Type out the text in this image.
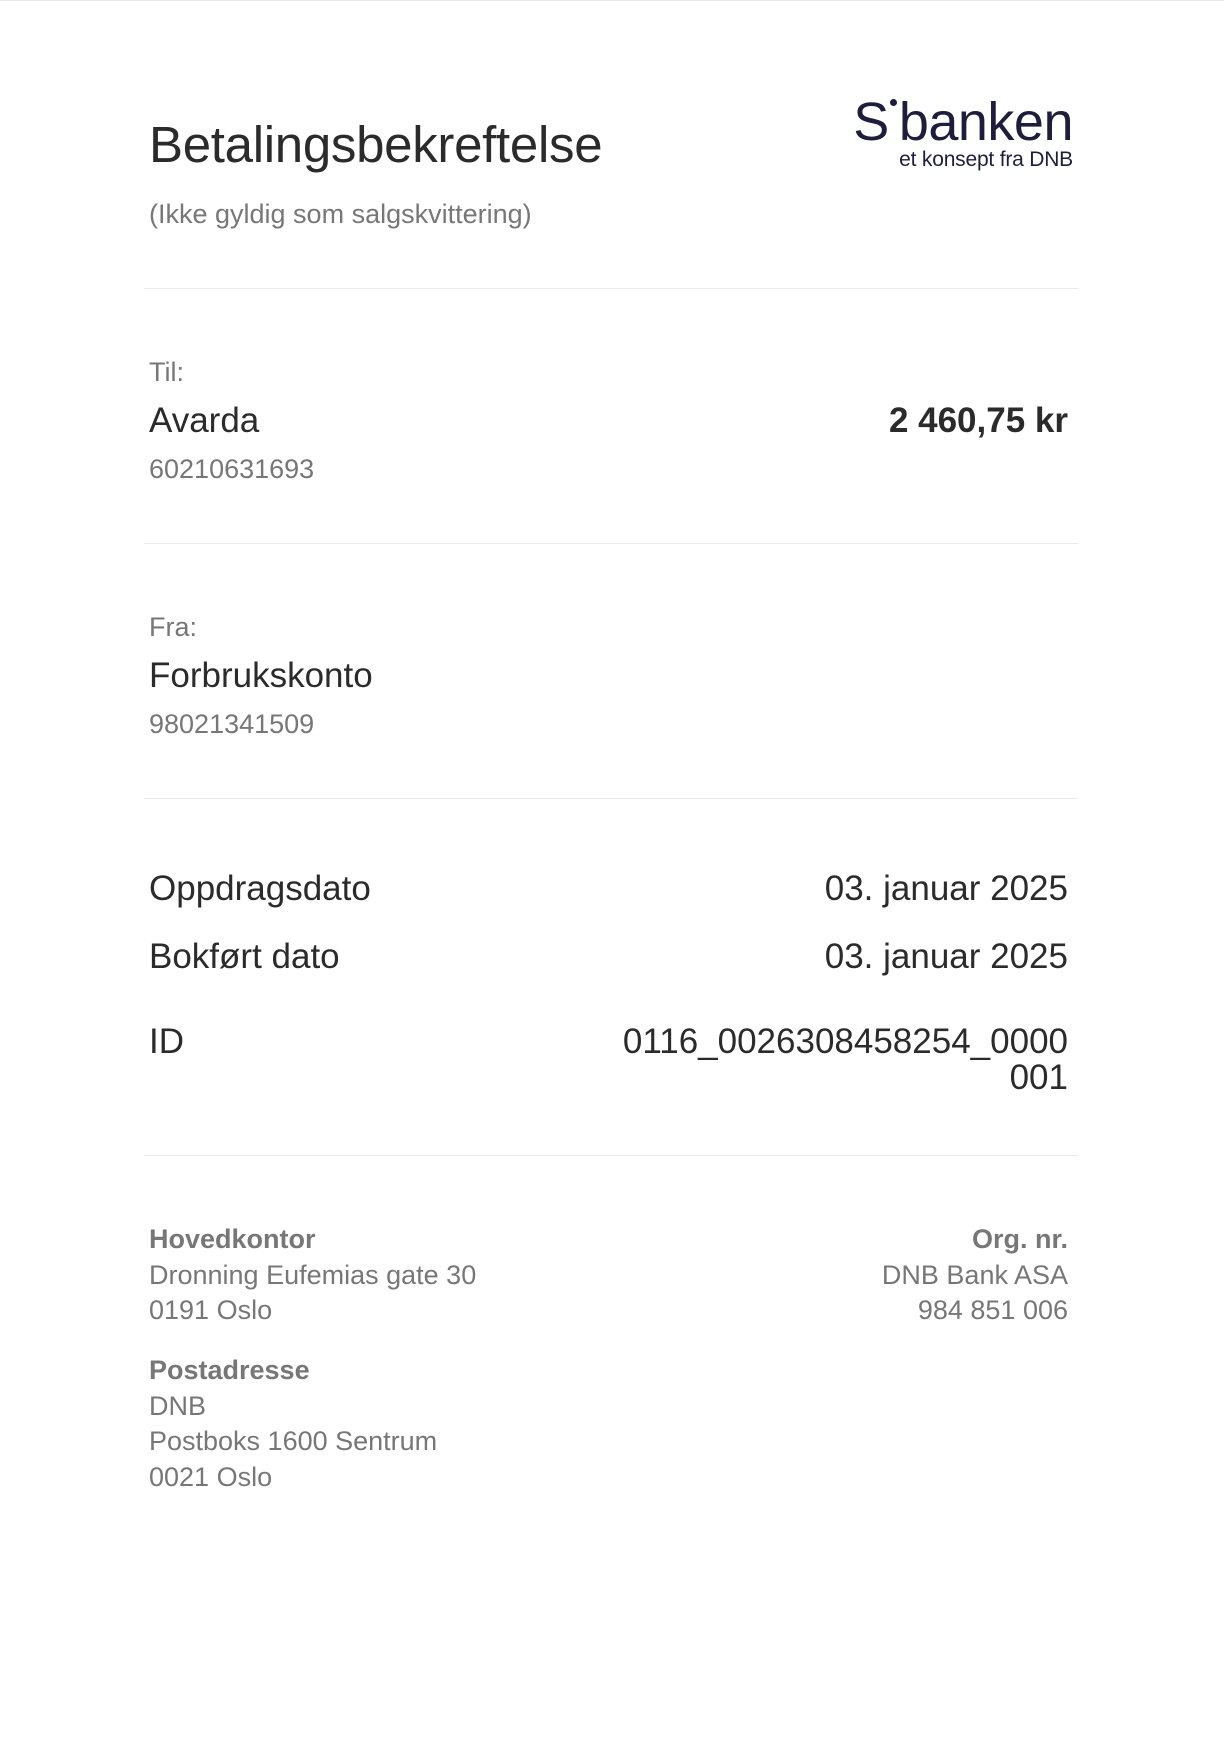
Betalingsbekreftelse
(Ikke gyldig som salgskvittering)
S banken
et konsept fra DNB
Til:
Avarda
60210631693
2 460,75 kr
Fra:
Forbrukskonto
98021341509
Oppdragsdato	03. januar 2025
Bokført dato	03. januar 2025
ID	0116_0026308458254_0000
001
Hovedkontor
Dronning Eufemias gate 30
0191 Oslo
Postadresse
DNB
Postboks 1600 Sentrum
0021 Oslo
Org. nr.
DNB Bank ASA
984 851 006
